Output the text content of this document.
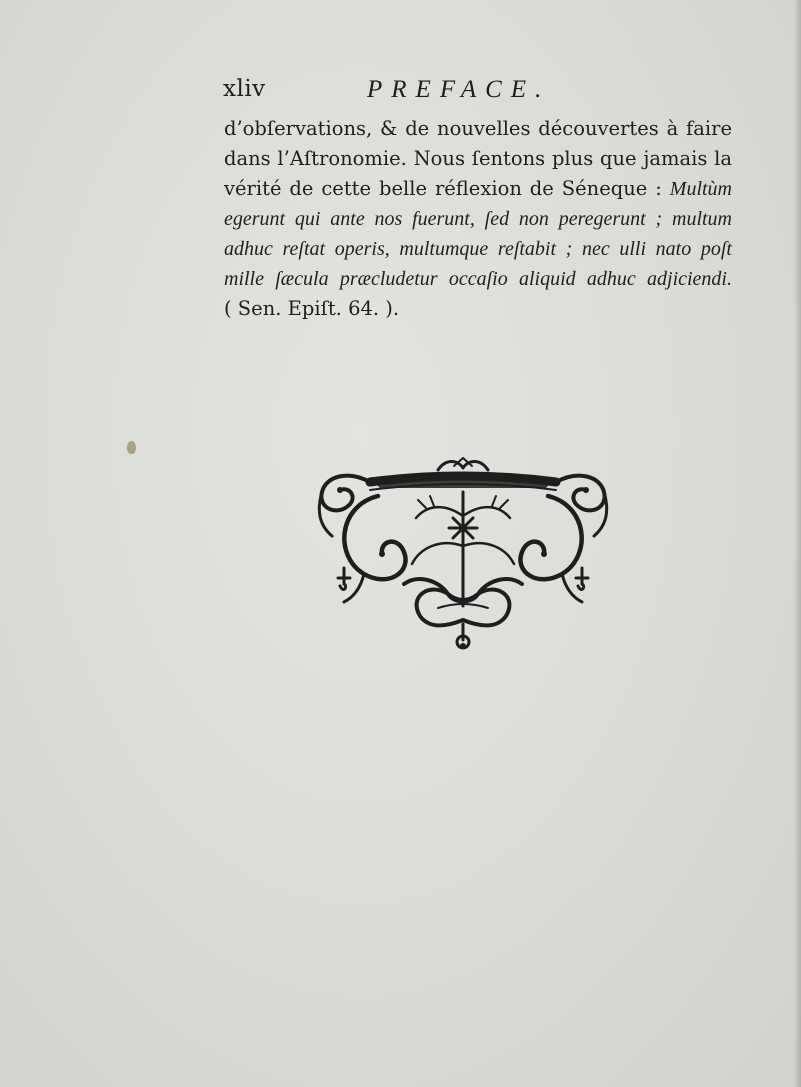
xliv	PREFACE.
d’obſervations, & de nouvelles découvertes à faire
dans l’Aſtronomie. Nous ſentons plus que jamais la
vérité de cette belle réflexion de Séneque : Multùm
egerunt qui ante nos fuerunt, ſed non peregerunt ; multum
adhuc reſtat operis, multumque reſtabit ; nec ulli nato poſt
mille ſæcula præcludetur occaſio aliquid adhuc adjiciendi.
( Sen. Epiſt. 64. ).
